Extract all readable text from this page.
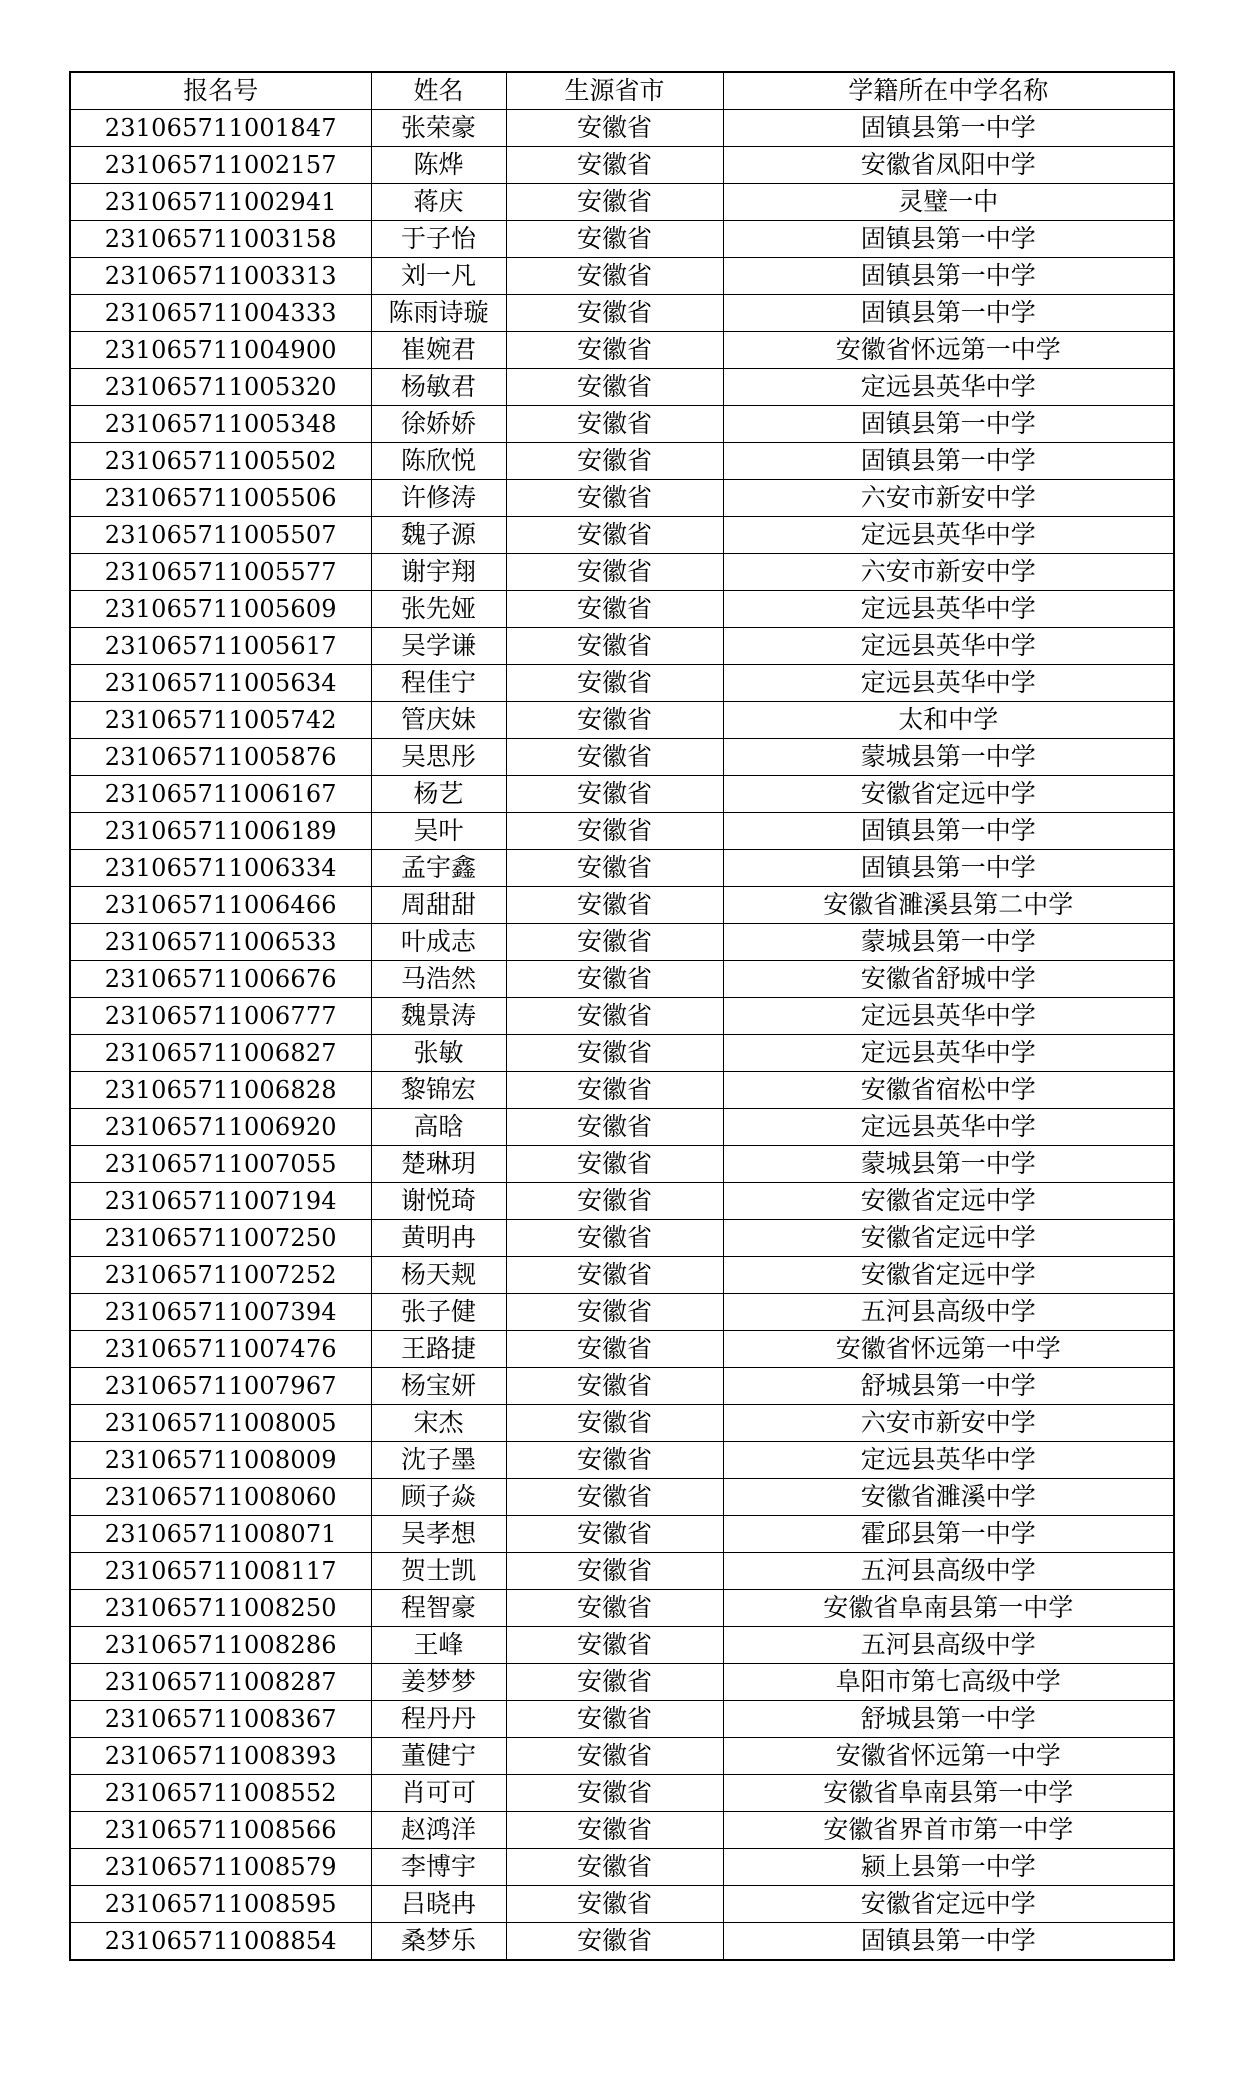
报名号	姓名	生源省市	学籍所在中学名称
231065711001847	张荣豪	安徽省	固镇县第一中学
231065711002157	陈烨	安徽省	安徽省凤阳中学
231065711002941	蒋庆	安徽省	灵璧一中
231065711003158	于子怡	安徽省	固镇县第一中学
231065711003313	刘一凡	安徽省	固镇县第一中学
231065711004333	陈雨诗璇	安徽省	固镇县第一中学
231065711004900	崔婉君	安徽省	安徽省怀远第一中学
231065711005320	杨敏君	安徽省	定远县英华中学
231065711005348	徐娇娇	安徽省	固镇县第一中学
231065711005502	陈欣悦	安徽省	固镇县第一中学
231065711005506	许修涛	安徽省	六安市新安中学
231065711005507	魏子源	安徽省	定远县英华中学
231065711005577	谢宇翔	安徽省	六安市新安中学
231065711005609	张先娅	安徽省	定远县英华中学
231065711005617	吴学谦	安徽省	定远县英华中学
231065711005634	程佳宁	安徽省	定远县英华中学
231065711005742	管庆妹	安徽省	太和中学
231065711005876	吴思彤	安徽省	蒙城县第一中学
231065711006167	杨艺	安徽省	安徽省定远中学
231065711006189	吴叶	安徽省	固镇县第一中学
231065711006334	孟宇鑫	安徽省	固镇县第一中学
231065711006466	周甜甜	安徽省	安徽省濉溪县第二中学
231065711006533	叶成志	安徽省	蒙城县第一中学
231065711006676	马浩然	安徽省	安徽省舒城中学
231065711006777	魏景涛	安徽省	定远县英华中学
231065711006827	张敏	安徽省	定远县英华中学
231065711006828	黎锦宏	安徽省	安徽省宿松中学
231065711006920	高晗	安徽省	定远县英华中学
231065711007055	楚琳玥	安徽省	蒙城县第一中学
231065711007194	谢悦琦	安徽省	安徽省定远中学
231065711007250	黄明冉	安徽省	安徽省定远中学
231065711007252	杨天觌	安徽省	安徽省定远中学
231065711007394	张子健	安徽省	五河县高级中学
231065711007476	王路捷	安徽省	安徽省怀远第一中学
231065711007967	杨宝妍	安徽省	舒城县第一中学
231065711008005	宋杰	安徽省	六安市新安中学
231065711008009	沈子墨	安徽省	定远县英华中学
231065711008060	顾子焱	安徽省	安徽省濉溪中学
231065711008071	吴孝想	安徽省	霍邱县第一中学
231065711008117	贺士凯	安徽省	五河县高级中学
231065711008250	程智豪	安徽省	安徽省阜南县第一中学
231065711008286	王峰	安徽省	五河县高级中学
231065711008287	姜梦梦	安徽省	阜阳市第七高级中学
231065711008367	程丹丹	安徽省	舒城县第一中学
231065711008393	董健宁	安徽省	安徽省怀远第一中学
231065711008552	肖可可	安徽省	安徽省阜南县第一中学
231065711008566	赵鸿洋	安徽省	安徽省界首市第一中学
231065711008579	李博宇	安徽省	颍上县第一中学
231065711008595	吕晓冉	安徽省	安徽省定远中学
231065711008854	桑梦乐	安徽省	固镇县第一中学
